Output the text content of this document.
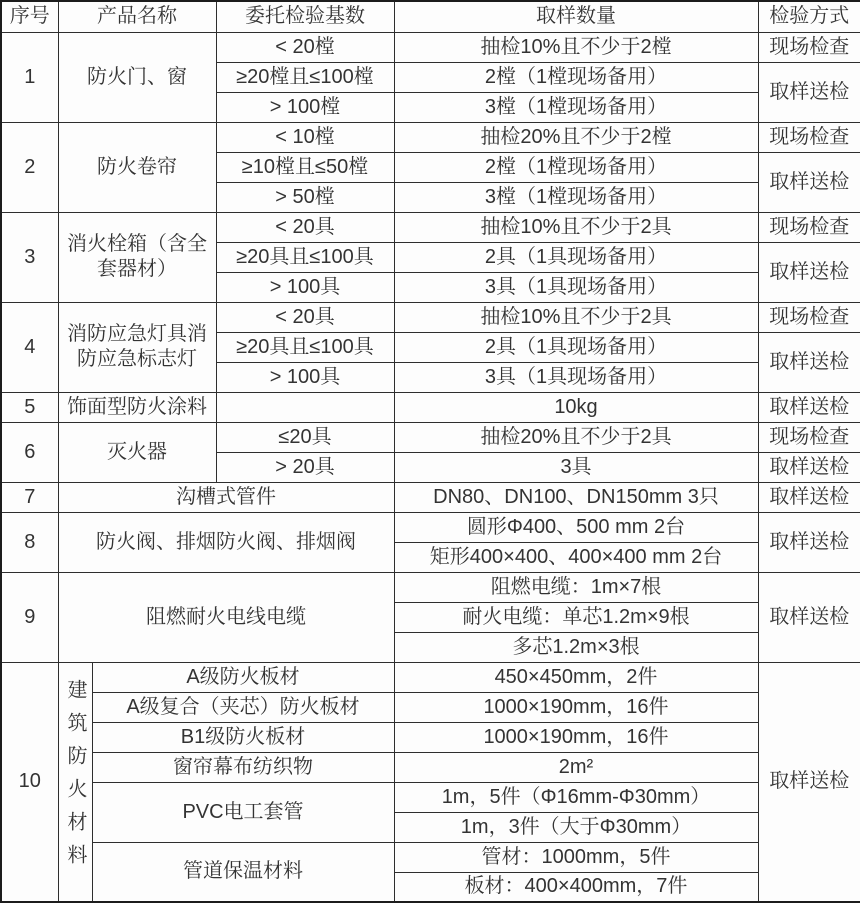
序号	产品名称		委托检验基数	取样数量	检验方式
1	防火门、窗		< 20樘	抽检10%且不少于2樘	现场检查
			≥20樘且≤100樘	2樘（1樘现场备用）	取样送检
			> 100樘	3樘（1樘现场备用）	
2	防火卷帘		< 10樘	抽检20%且不少于2樘	现场检查
			≥10樘且≤50樘	2樘（1樘现场备用）	取样送检
			> 50樘	3樘（1樘现场备用）	
3	消火栓箱（含全套器材）		< 20具	抽检10%且不少于2具	现场检查
			≥20具且≤100具	2具（1具现场备用）	取样送检
			> 100具	3具（1具现场备用）	
4	消防应急灯具消防应急标志灯		< 20具	抽检10%且不少于2具	现场检查
			≥20具且≤100具	2具（1具现场备用）	取样送检
			> 100具	3具（1具现场备用）	
5	饰面型防火涂料			10kg	取样送检
6	灭火器		≤20具	抽检20%且不少于2具	现场检查
			> 20具	3具	取样送检
7	沟槽式管件			DN80、DN100、DN150mm 3只	取样送检
8	防火阀、排烟防火阀、排烟阀			圆形Φ400、500 mm 2台	取样送检
				矩形400×400、400×400 mm 2台	
9	阻燃耐火电线电缆			阻燃电缆：1m×7根	取样送检
				耐火电缆：单芯1.2m×9根	
				多芯1.2m×3根	
10	建筑防火材料	A级防火板材		450×450mm，2件	取样送检
		A级复合（夹芯）防火板材		1000×190mm，16件	
		B1级防火板材		1000×190mm，16件	
		窗帘幕布纺织物		2m²	
		PVC电工套管		1m，5件（Φ16mm-Φ30mm）	
				1m，3件（大于Φ30mm）	
		管道保温材料		管材：1000mm，5件	
				板材：400×400mm，7件	
